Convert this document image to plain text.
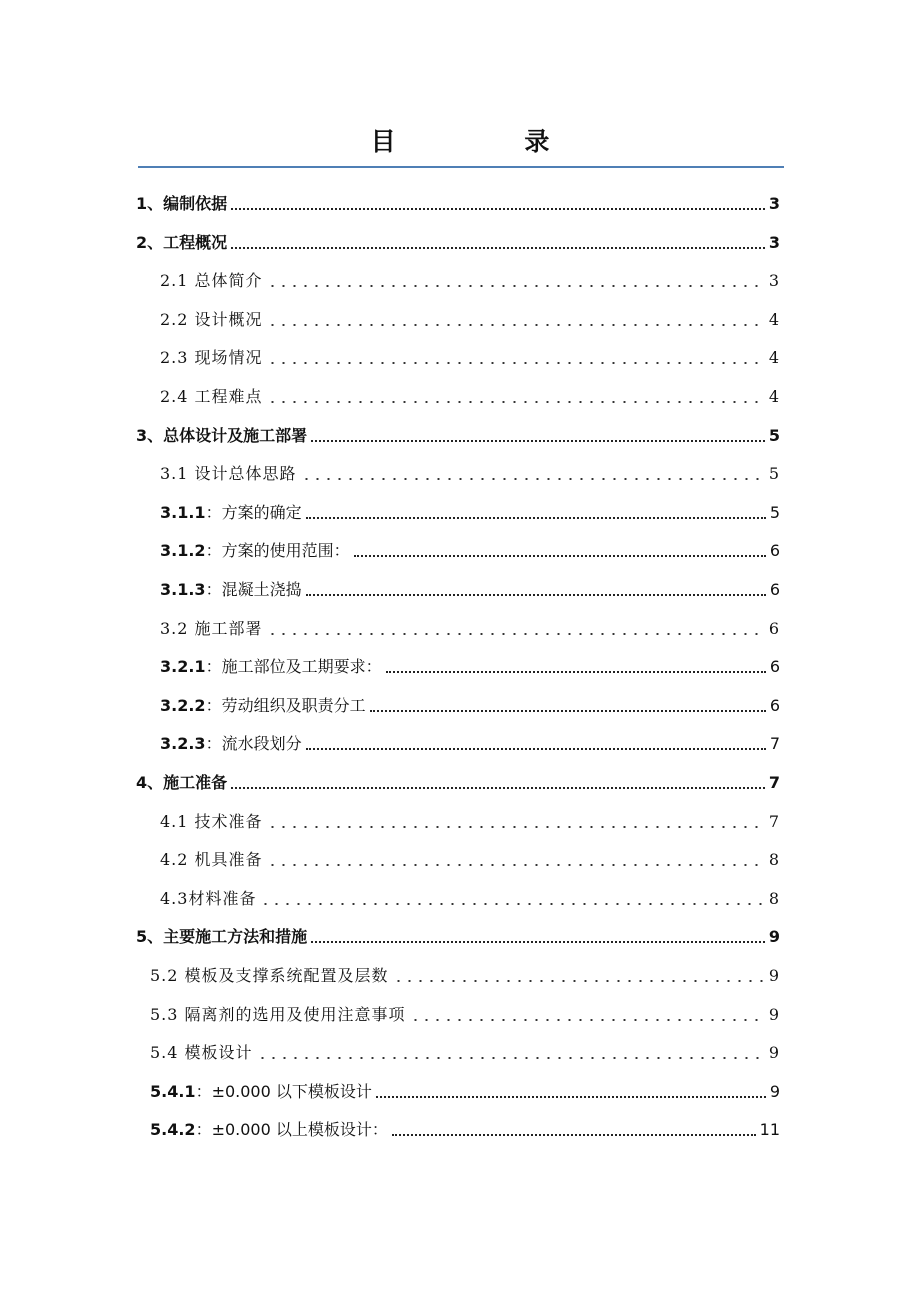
目 录
1、编制依据	3
2、工程概况	3
2.1 总体简介	3
2.2 设计概况	4
2.3 现场情况	4
2.4 工程难点	4
3、总体设计及施工部署	5
3.1 设计总体思路	5
3.1.1：方案的确定	5
3.1.2：方案的使用范围：	6
3.1.3：混凝土浇捣	6
3.2 施工部署	6
3.2.1：施工部位及工期要求：	6
3.2.2：劳动组织及职责分工	6
3.2.3：流水段划分	7
4、施工准备	7
4.1 技术准备	7
4.2 机具准备	8
4.3材料准备	8
5、主要施工方法和措施	9
5.2 模板及支撑系统配置及层数	9
5.3 隔离剂的选用及使用注意事项	9
5.4 模板设计	9
5.4.1：±0.000 以下模板设计	9
5.4.2：±0.000 以上模板设计：	11
